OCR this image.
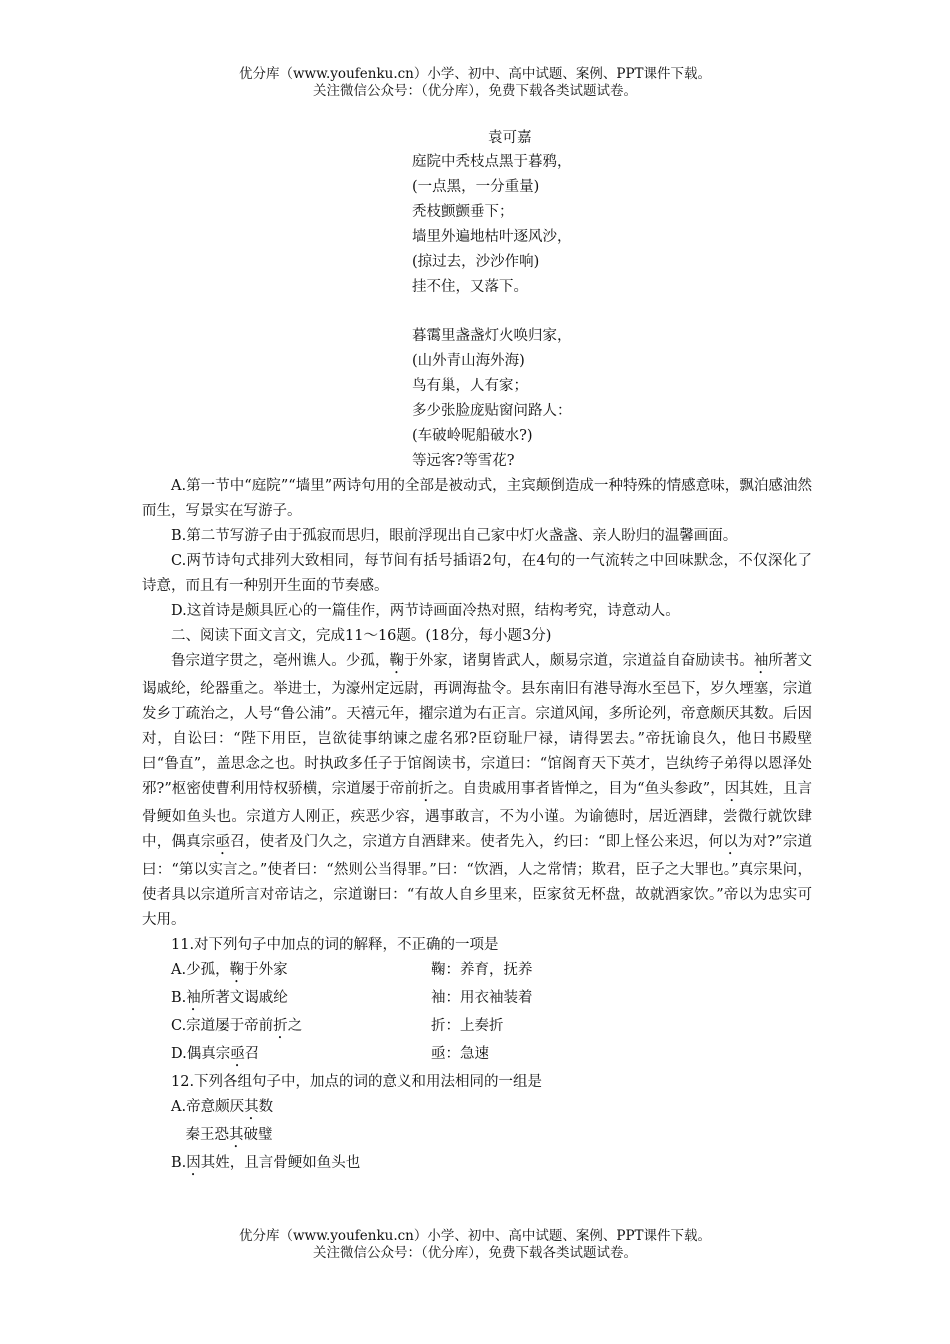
优分库（www.youfenku.cn）小学、初中、高中试题、案例、PPT课件下载。
关注微信公众号：（优分库），免费下载各类试题试卷。
袁可嘉
庭院中秃枝点黑于暮鸦，
(一点黑，一分重量)
秃枝颤颤垂下；
墙里外遍地枯叶逐风沙，
(掠过去，沙沙作响)
挂不住，又落下。
暮霭里盏盏灯火唤归家，
(山外青山海外海)
鸟有巢，人有家；
多少张脸庞贴窗问路人：
(车破岭呢船破水?)
等远客?等雪花?

A.第一节中“庭院”“墙里”两诗句用的全部是被动式，主宾颠倒造成一种特殊的情感意味，飘泊感油然而生，写景实在写游子。

B.第二节写游子由于孤寂而思归，眼前浮现出自己家中灯火盏盏、亲人盼归的温馨画面。

C.两节诗句式排列大致相同，每节间有括号插语2句，在4句的一气流转之中回味默念，不仅深化了诗意，而且有一种别开生面的节奏感。

D.这首诗是颇具匠心的一篇佳作，两节诗画面冷热对照，结构考究，诗意动人。

二、阅读下面文言文，完成11～16题。(18分，每小题3分)

鲁宗道字贯之，亳州谯人。少孤，鞠于外家，诸舅皆武人，颇易宗道，宗道益自奋励读书。袖所著文谒戚纶，纶器重之。举进士，为濠州定远尉，再调海盐令。县东南旧有港导海水至邑下，岁久堙塞，宗道发乡丁疏治之，人号“鲁公浦”。天禧元年，擢宗道为右正言。宗道风闻，多所论列，帝意颇厌其数。后因对，自讼曰：“陛下用臣，岂欲徒事纳谏之虚名邪?臣窃耻尸禄，请得罢去。”帝抚谕良久，他日书殿壁曰“鲁直”，盖思念之也。时执政多任子于馆阁读书，宗道曰：“馆阁育天下英才，岂纨绔子弟得以恩泽处邪?”枢密使曹利用恃权骄横，宗道屡于帝前折之。自贵戚用事者皆惮之，目为“鱼头参政”，因其姓，且言骨鲠如鱼头也。宗道方人刚正，疾恶少容，遇事敢言，不为小谨。为谕德时，居近酒肆，尝微行就饮肆中，偶真宗亟召，使者及门久之，宗道方自酒肆来。使者先入，约曰：“即上怪公来迟，何以为对?”宗道曰：“第以实言之。”使者曰：“然则公当得罪。”曰：“饮酒，人之常情；欺君，臣子之大罪也。”真宗果问，使者具以宗道所言对帝诘之，宗道谢曰：“有故人自乡里来，臣家贫无杯盘，故就酒家饮。”帝以为忠实可大用。

11.对下列句子中加点的词的解释，不正确的一项是

A.少孤，鞠于外家	鞠：养育，抚养
B.袖所著文谒戚纶	袖：用衣袖装着
C.宗道屡于帝前折之	折：上奏折
D.偶真宗亟召	亟：急速

12.下列各组句子中，加点的词的意义和用法相同的一组是

A.帝意颇厌其数
秦王恐其破璧
B.因其姓，且言骨鲠如鱼头也
优分库（www.youfenku.cn）小学、初中、高中试题、案例、PPT课件下载。
关注微信公众号：（优分库），免费下载各类试题试卷。
